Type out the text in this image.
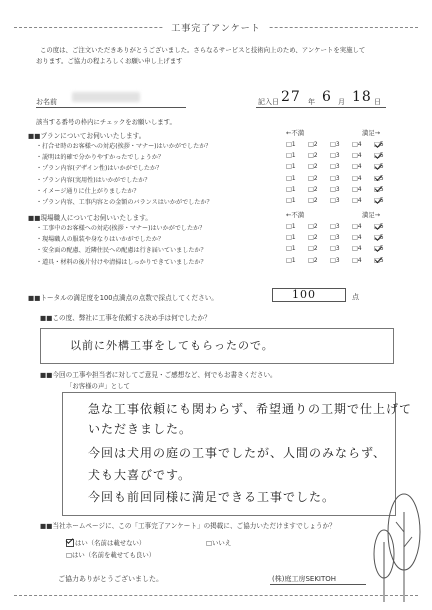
工事完了アンケート
この度は、ご注文いただきありがとうございました。さらなるサービスと技術向上のため、アンケートを実施して
おります。ご協力の程よろしくお願い申し上げます
お名前	記入日 27 年 6 月 18 日
該当する番号の枠内にチェックをお願いします。
■■プランについてお伺いいたします。	←不満	満足→
・打合せ時のお客様への対応(挨拶・マナー)はいかがでしたか？	□1 □2 □3 □4 □5
・説明は的確で分かりやすかったでしょうか？	□1 □2 □3 □4 □5
・プラン内容(デザイン性)はいかがでしたか？	□1 □2 □3 □4 □5
・プラン内容(実用性)はいかがでしたか？	□1 □2 □3 □4 □5
・イメージ通りに仕上がりましたか？	□1 □2 □3 □4 □5
・プラン内容、工事内容との金額のバランスはいかがでしたか？	□1 □2 □3 □4 □5
■■現場職人についてお伺いいたします。	←不満	満足→
・工事中のお客様への対応(挨拶・マナー)はいかがでしたか？	□1 □2 □3 □4 □5
・現場職人の服装や身なりはいかがでしたか？	□1 □2 □3 □4 □5
・安全面の配慮、近隣住民への配慮は行き届いていましたか？	□1 □2 □3 □4 □5
・道具・材料の後片付けや清掃はしっかりできていましたか？	□1 □2 □3 □4 □5
■■トータルの満足度を100点満点の点数で採点してください。	100	点
■■この度、弊社に工事を依頼する決め手は何でしたか？
以前に外構工事をしてもらったので。
■■今回の工事や担当者に対してご意見・ご感想など、何でもお書きください。
「お客様の声」として
急な工事依頼にも関わらず、希望通りの工期で仕上げて
いただきました。
今回は犬用の庭の工事でしたが、人間のみならず、
犬も大喜びです。
今回も前回同様に満足できる工事でした。
■■当社ホームページに、この「工事完了アンケート」の掲載に、ご協力いただけますでしょうか？
はい（名前は載せない）	□いいえ
□はい（名前を載せても良い）
ご協力ありがとうございました。	(株)庭工房SEKITOH
